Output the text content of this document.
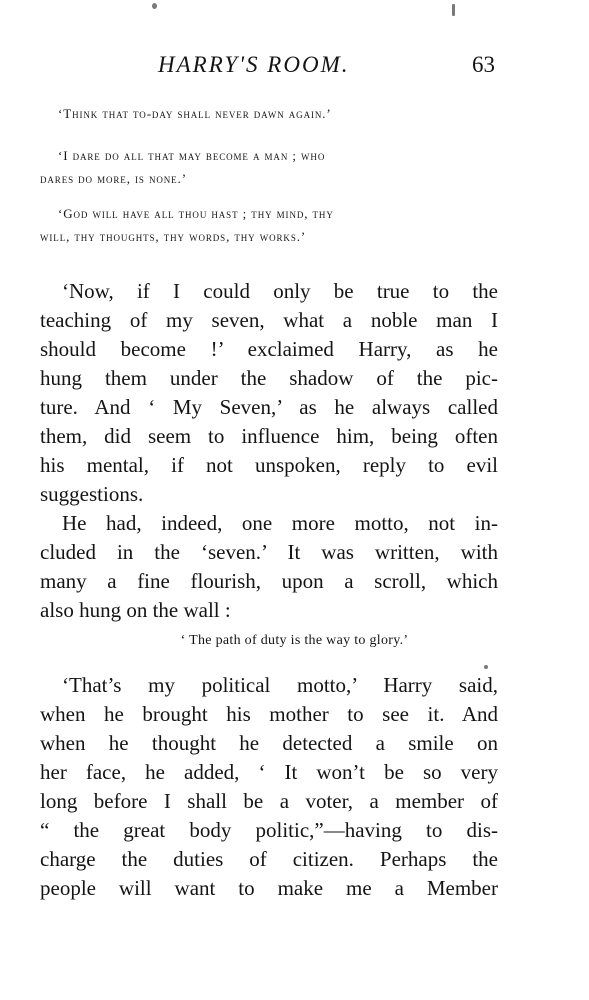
HARRY'S ROOM.	63
‘Think that to-day shall never dawn again.’
‘I dare do all that may become a man ; who
dares do more, is none.’
‘God will have all thou hast ; thy mind, thy
will, thy thoughts, thy words, thy works.’
‘Now, if I could only be true to the
teaching of my seven, what a noble man I
should become !’ exclaimed Harry, as he
hung them under the shadow of the pic-
ture. And ‘ My Seven,’ as he always called
them, did seem to influence him, being often
his mental, if not unspoken, reply to evil
suggestions.
He had, indeed, one more motto, not in-
cluded in the ‘seven.’ It was written, with
many a fine flourish, upon a scroll, which
also hung on the wall :
‘ The path of duty is the way to glory.’
‘That’s my political motto,’ Harry said,
when he brought his mother to see it. And
when he thought he detected a smile on
her face, he added, ‘ It won’t be so very
long before I shall be a voter, a member of
“ the great body politic,”—having to dis-
charge the duties of citizen. Perhaps the
people will want to make me a Member
